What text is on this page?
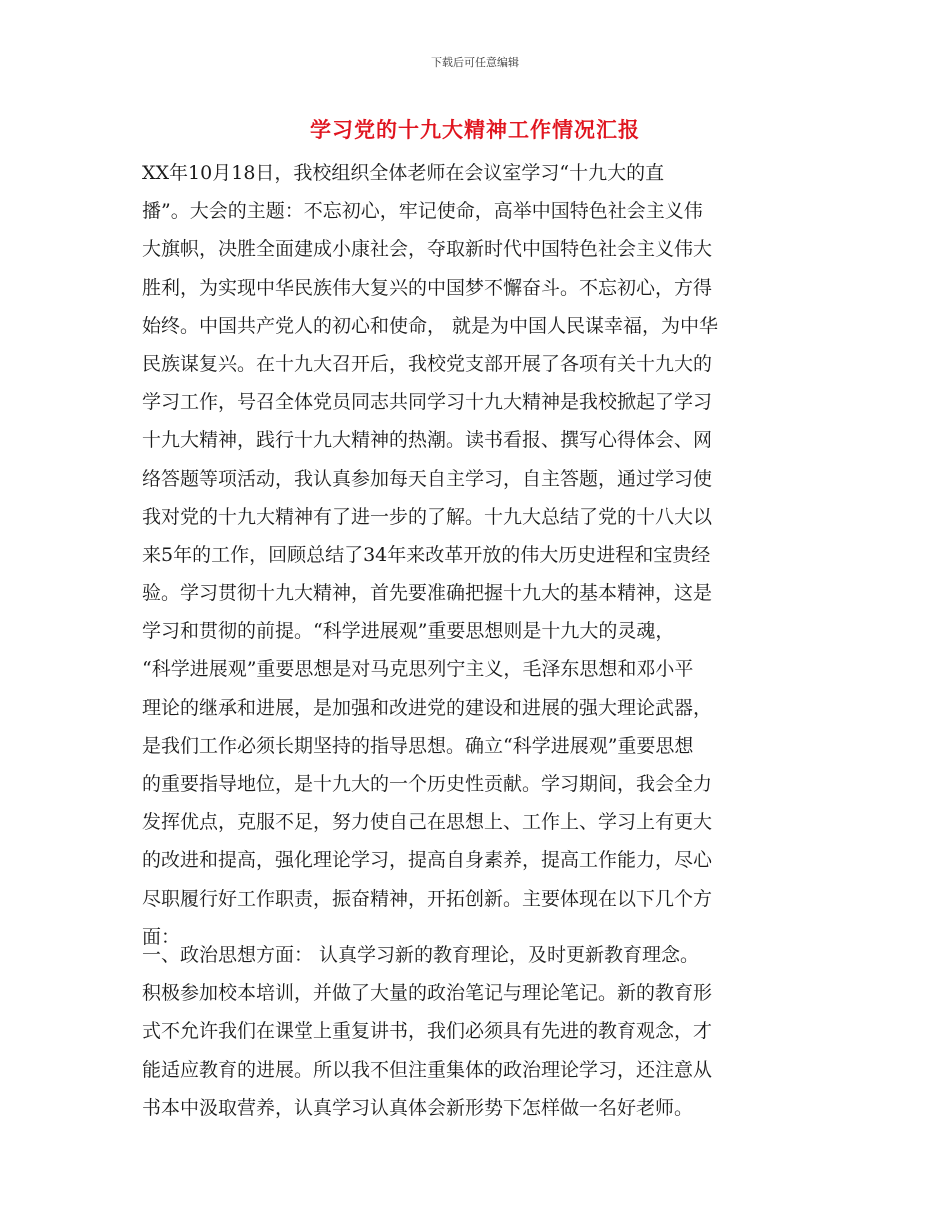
下载后可任意编辑
学习党的十九大精神工作情况汇报
XX年10月18日，我校组织全体老师在会议室学习“十九大的直
播”。大会的主题：不忘初心，牢记使命，高举中国特色社会主义伟
大旗帜，决胜全面建成小康社会，夺取新时代中国特色社会主义伟大
胜利，为实现中华民族伟大复兴的中国梦不懈奋斗。不忘初心，方得
始终。中国共产党人的初心和使命， 就是为中国人民谋幸福，为中华
民族谋复兴。在十九大召开后，我校党支部开展了各项有关十九大的
学习工作，号召全体党员同志共同学习十九大精神是我校掀起了学习
十九大精神，践行十九大精神的热潮。读书看报、撰写心得体会、网
络答题等项活动，我认真参加每天自主学习，自主答题，通过学习使
我对党的十九大精神有了进一步的了解。十九大总结了党的十八大以
来5年的工作，回顾总结了34年来改革开放的伟大历史进程和宝贵经
验。学习贯彻十九大精神，首先要准确把握十九大的基本精神，这是
学习和贯彻的前提。“科学进展观”重要思想则是十九大的灵魂，
“科学进展观”重要思想是对马克思列宁主义，毛泽东思想和邓小平
理论的继承和进展，是加强和改进党的建设和进展的强大理论武器，
是我们工作必须长期坚持的指导思想。确立“科学进展观”重要思想
的重要指导地位，是十九大的一个历史性贡献。学习期间，我会全力
发挥优点，克服不足，努力使自己在思想上、工作上、学习上有更大
的改进和提高，强化理论学习，提高自身素养，提高工作能力，尽心
尽职履行好工作职责，振奋精神，开拓创新。主要体现在以下几个方
面：
一、政治思想方面： 认真学习新的教育理论，及时更新教育理念。
积极参加校本培训，并做了大量的政治笔记与理论笔记。新的教育形
式不允许我们在课堂上重复讲书，我们必须具有先进的教育观念，才
能适应教育的进展。所以我不但注重集体的政治理论学习，还注意从
书本中汲取营养，认真学习认真体会新形势下怎样做一名好老师。
